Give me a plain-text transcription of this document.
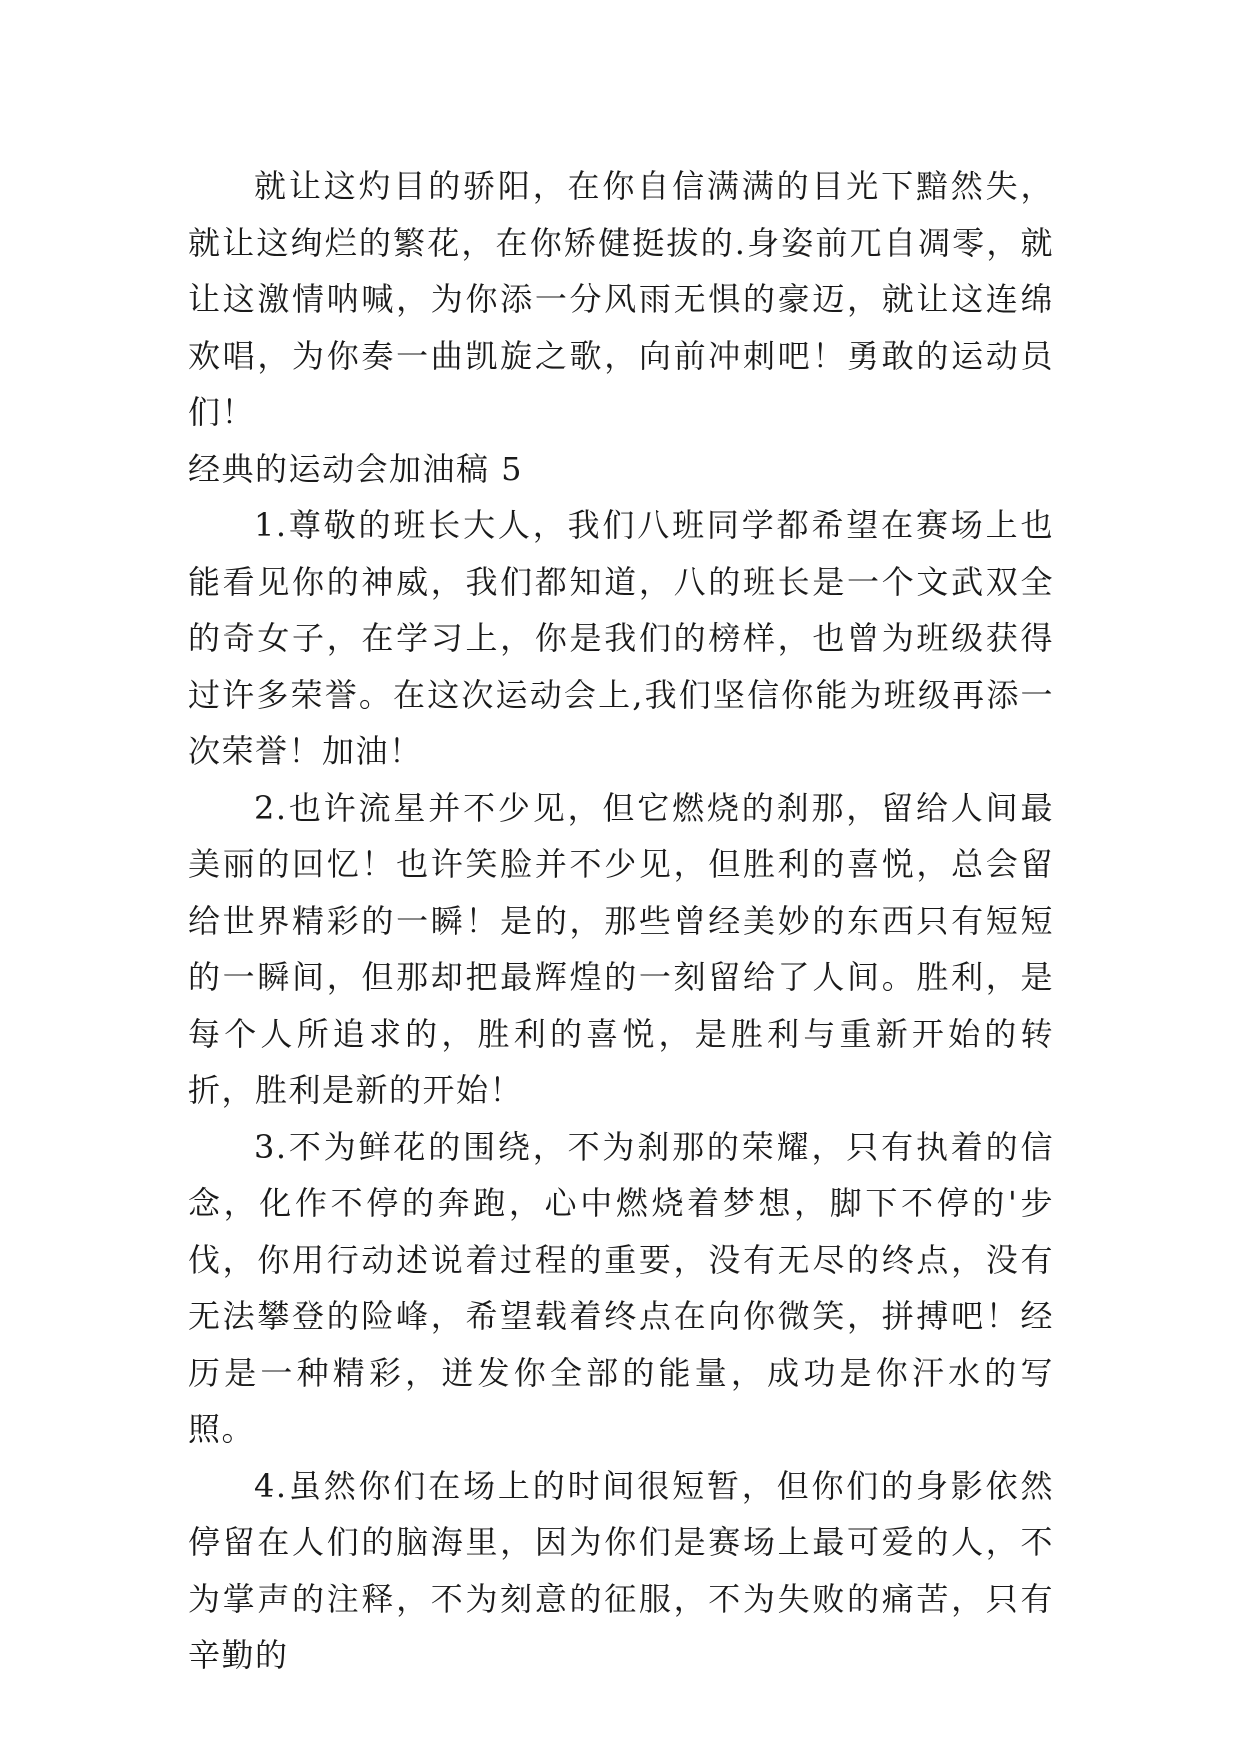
就让这灼目的骄阳，在你自信满满的目光下黯然失，就让这绚烂的繁花，在你矫健挺拔的.身姿前兀自凋零，就让这激情呐喊，为你添一分风雨无惧的豪迈，就让这连绵欢唱，为你奏一曲凯旋之歌，向前冲刺吧！勇敢的运动员们！

经典的运动会加油稿 5

1.尊敬的班长大人，我们八班同学都希望在赛场上也能看见你的神威，我们都知道，八的班长是一个文武双全的奇女子，在学习上，你是我们的榜样，也曾为班级获得过许多荣誉。在这次运动会上,我们坚信你能为班级再添一次荣誉！加油！

2.也许流星并不少见，但它燃烧的刹那，留给人间最美丽的回忆！也许笑脸并不少见，但胜利的喜悦，总会留给世界精彩的一瞬！是的，那些曾经美妙的东西只有短短的一瞬间，但那却把最辉煌的一刻留给了人间。胜利，是每个人所追求的，胜利的喜悦，是胜利与重新开始的转折，胜利是新的开始！

3.不为鲜花的围绕，不为刹那的荣耀，只有执着的信念，化作不停的奔跑，心中燃烧着梦想，脚下不停的'步伐，你用行动述说着过程的重要，没有无尽的终点，没有无法攀登的险峰，希望载着终点在向你微笑，拼搏吧！经历是一种精彩，迸发你全部的能量，成功是你汗水的写照。

4.虽然你们在场上的时间很短暂，但你们的身影依然停留在人们的脑海里，因为你们是赛场上最可爱的人，不为掌声的注释，不为刻意的征服，不为失败的痛苦，只有辛勤的
